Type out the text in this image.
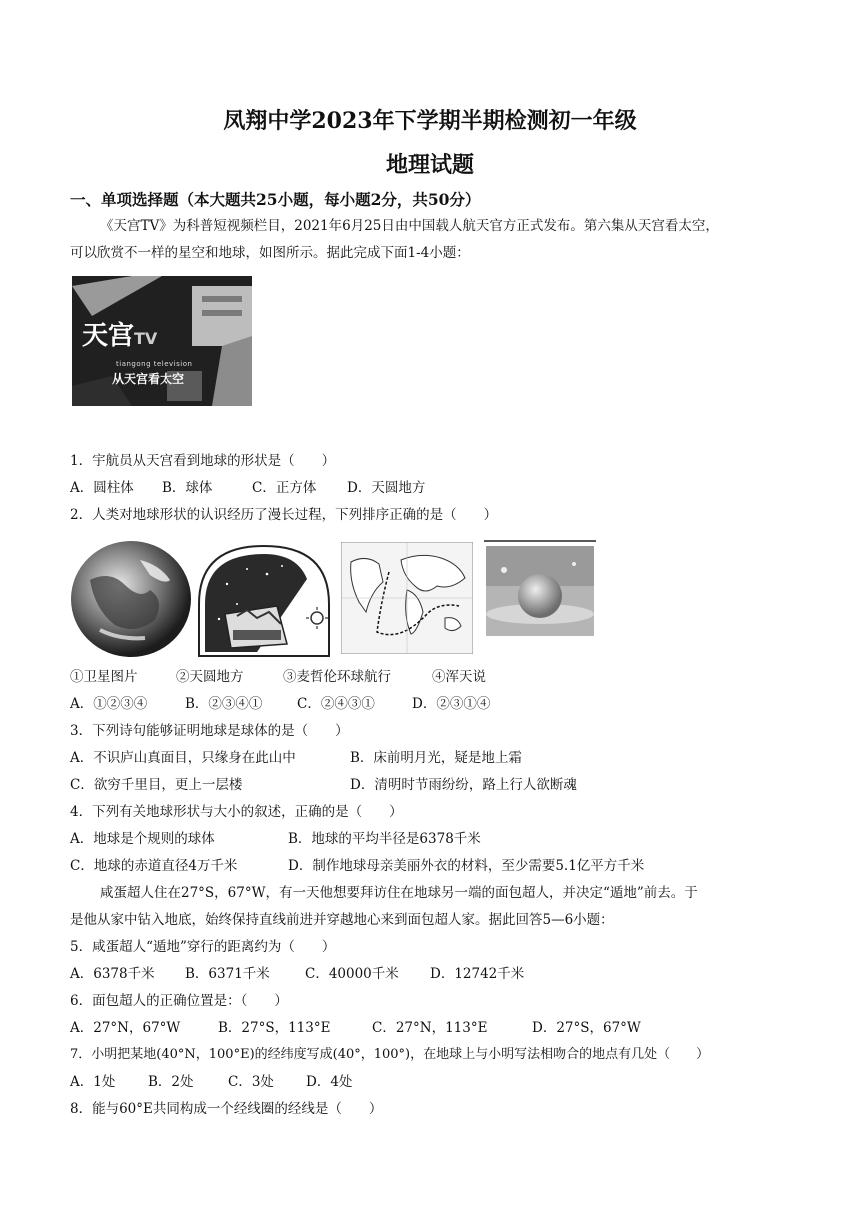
凤翔中学2023年下学期半期检测初一年级
地理试题
一、单项选择题（本大题共25小题，每小题2分，共50分）
《天宫TV》为科普短视频栏目，2021年6月25日由中国载人航天官方正式发布。第六集从天宫看太空，
可以欣赏不一样的星空和地球，如图所示。据此完成下面1-4小题：
天宫TV
tiangong television
从天宫看太空
1．宇航员从天宫看到地球的形状是（　　）
A．圆柱体 B．球体	C．正方体 D．天圆地方
2．人类对地球形状的认识经历了漫长过程，下列排序正确的是（　　）
①卫星图片	②天圆地方	③麦哲伦环球航行	④浑天说
A．①②③④	B．②③④①	C．②④③①	D．②③①④
3．下列诗句能够证明地球是球体的是（　　）
A．不识庐山真面目，只缘身在此山中	B．床前明月光，疑是地上霜
C．欲穷千里目，更上一层楼	D．清明时节雨纷纷，路上行人欲断魂
4．下列有关地球形状与大小的叙述，正确的是（　　）
A．地球是个规则的球体	B．地球的平均半径是6378千米
C．地球的赤道直径4万千米	D．制作地球母亲美丽外衣的材料，至少需要5.1亿平方千米
咸蛋超人住在27°S，67°W，有一天他想要拜访住在地球另一端的面包超人，并决定“遁地”前去。于
是他从家中钻入地底，始终保持直线前进并穿越地心来到面包超人家。据此回答5—6小题：
5．咸蛋超人“遁地”穿行的距离约为（　　）
A．6378千米 B．6371千米	C．40000千米 D．12742千米
6．面包超人的正确位置是：（　　）
A．27°N，67°W	B．27°S，113°E	C．27°N，113°E	D．27°S，67°W
7．小明把某地(40°N，100°E)的经纬度写成(40°，100°)，在地球上与小明写法相吻合的地点有几处（　　）
A．1处 B．2处	C．3处 D．4处
8．能与60°E共同构成一个经线圈的经线是（　　）
